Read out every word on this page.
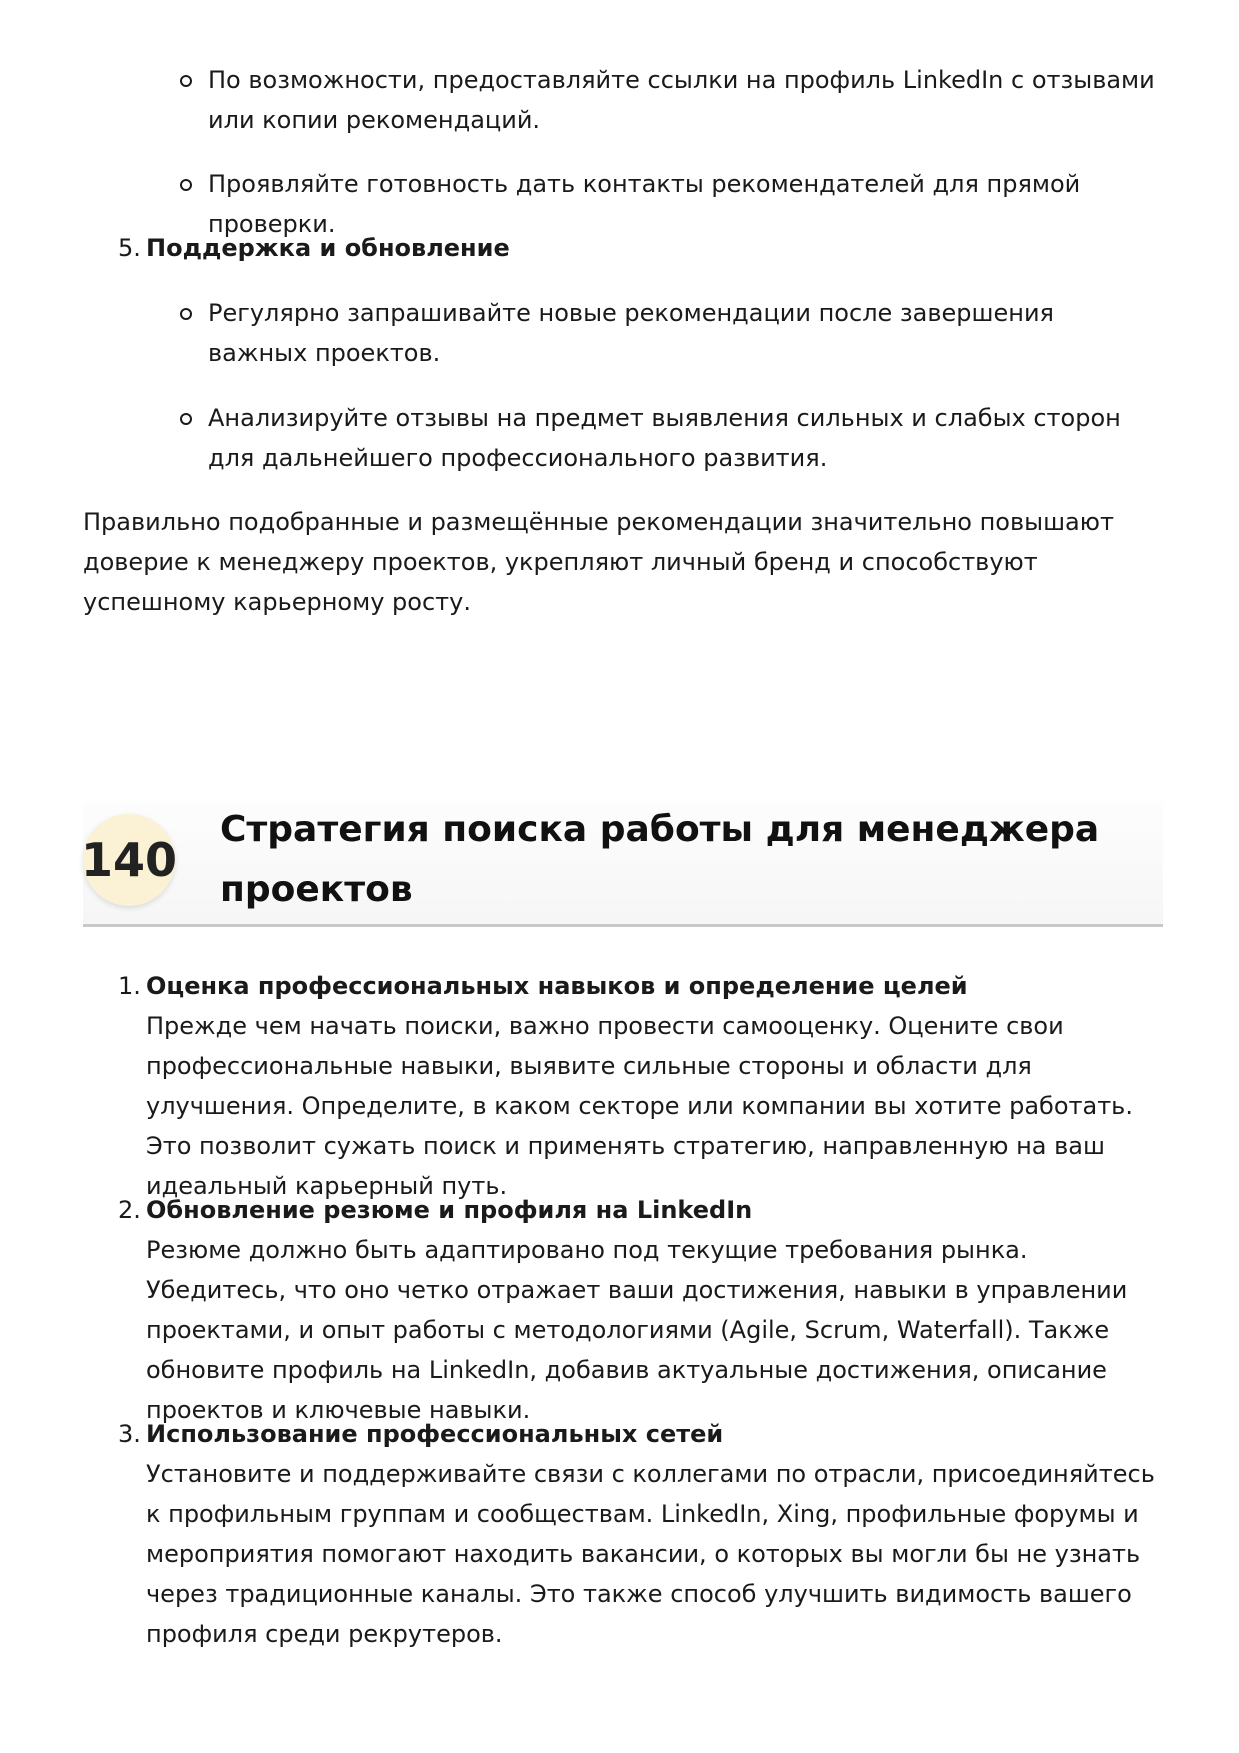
По возможности, предоставляйте ссылки на профиль LinkedIn с отзывами или копии рекомендаций.
Проявляйте готовность дать контакты рекомендателей для прямой проверки.
5. Поддержка и обновление
Регулярно запрашивайте новые рекомендации после завершения важных проектов.
Анализируйте отзывы на предмет выявления сильных и слабых сторон для дальнейшего профессионального развития.

Правильно подобранные и размещённые рекомендации значительно повышают доверие к менеджеру проектов, укрепляют личный бренд и способствуют успешному карьерному росту.

140
Стратегия поиска работы для менеджера проектов
1. Оценка профессиональных навыков и определение целей

Прежде чем начать поиски, важно провести самооценку. Оцените свои профессиональные навыки, выявите сильные стороны и области для улучшения. Определите, в каком секторе или компании вы хотите работать. Это позволит сужать поиск и применять стратегию, направленную на ваш идеальный карьерный путь.

2. Обновление резюме и профиля на LinkedIn

Резюме должно быть адаптировано под текущие требования рынка. Убедитесь, что оно четко отражает ваши достижения, навыки в управлении проектами, и опыт работы с методологиями (Agile, Scrum, Waterfall). Также обновите профиль на LinkedIn, добавив актуальные достижения, описание проектов и ключевые навыки.

3. Использование профессиональных сетей

Установите и поддерживайте связи с коллегами по отрасли, присоединяйтесь к профильным группам и сообществам. LinkedIn, Xing, профильные форумы и мероприятия помогают находить вакансии, о которых вы могли бы не узнать через традиционные каналы. Это также способ улучшить видимость вашего профиля среди рекрутеров.
